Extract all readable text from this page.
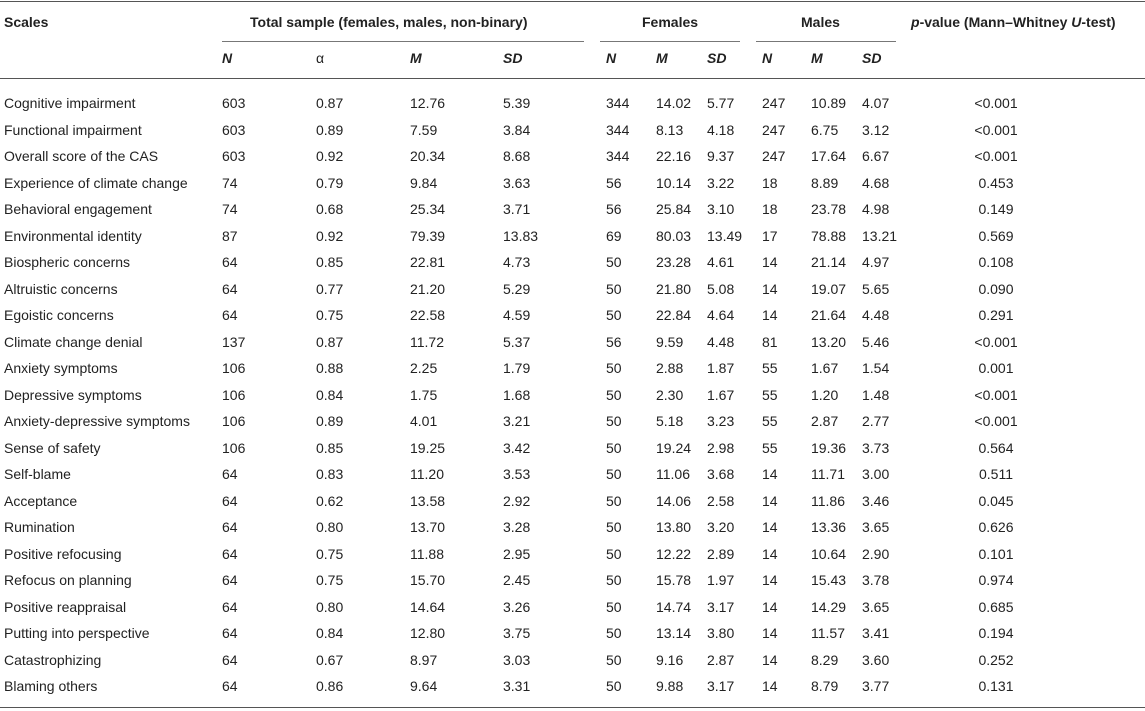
Scales	Total sample (females, males, non-binary)	Females	Males	p-value (Mann–Whitney U-test)
N	α	M	SD	N	M	SD	N	M	SD
Cognitive impairment	603	0.87	12.76	5.39	344 14.02 5.77 247 10.89 4.07	<0.001
Functional impairment	603	0.89	7.59	3.84	344 8.13 4.18 247 6.75 3.12	<0.001
Overall score of the CAS	603	0.92	20.34	8.68	344 22.16 9.37 247 17.64 6.67	<0.001
Experience of climate change 74	0.79	9.84	3.63	56 10.14 3.22 18 8.89 4.68	0.453
Behavioral engagement	74	0.68	25.34	3.71	56 25.84 3.10 18 23.78 4.98	0.149
Environmental identity	87	0.92	79.39	13.83	69 80.03 13.49 17 78.88 13.21	0.569
Biospheric concerns	64	0.85	22.81	4.73	50 23.28 4.61 14 21.14 4.97	0.108
Altruistic concerns	64	0.77	21.20	5.29	50 21.80 5.08 14 19.07 5.65	0.090
Egoistic concerns	64	0.75	22.58	4.59	50 22.84 4.64 14 21.64 4.48	0.291
Climate change denial	137	0.87	11.72	5.37	56 9.59 4.48 81 13.20 5.46	<0.001
Anxiety symptoms	106	0.88	2.25	1.79	50 2.88 1.87 55 1.67 1.54	0.001
Depressive symptoms	106	0.84	1.75	1.68	50 2.30 1.67 55 1.20 1.48	<0.001
Anxiety-depressive symptoms 106	0.89	4.01	3.21	50 5.18 3.23 55 2.87 2.77	<0.001
Sense of safety	106	0.85	19.25	3.42	50 19.24 2.98 55 19.36 3.73	0.564
Self-blame	64	0.83	11.20	3.53	50 11.06 3.68 14 11.71 3.00	0.511
Acceptance	64	0.62	13.58	2.92	50 14.06 2.58 14 11.86 3.46	0.045
Rumination	64	0.80	13.70	3.28	50 13.80 3.20 14 13.36 3.65	0.626
Positive refocusing	64	0.75	11.88	2.95	50 12.22 2.89 14 10.64 2.90	0.101
Refocus on planning	64	0.75	15.70	2.45	50 15.78 1.97 14 15.43 3.78	0.974
Positive reappraisal	64	0.80	14.64	3.26	50 14.74 3.17 14 14.29 3.65	0.685
Putting into perspective	64	0.84	12.80	3.75	50 13.14 3.80 14 11.57 3.41	0.194
Catastrophizing	64	0.67	8.97	3.03	50 9.16 2.87 14 8.29 3.60	0.252
Blaming others	64	0.86	9.64	3.31	50 9.88 3.17 14 8.79 3.77	0.131
